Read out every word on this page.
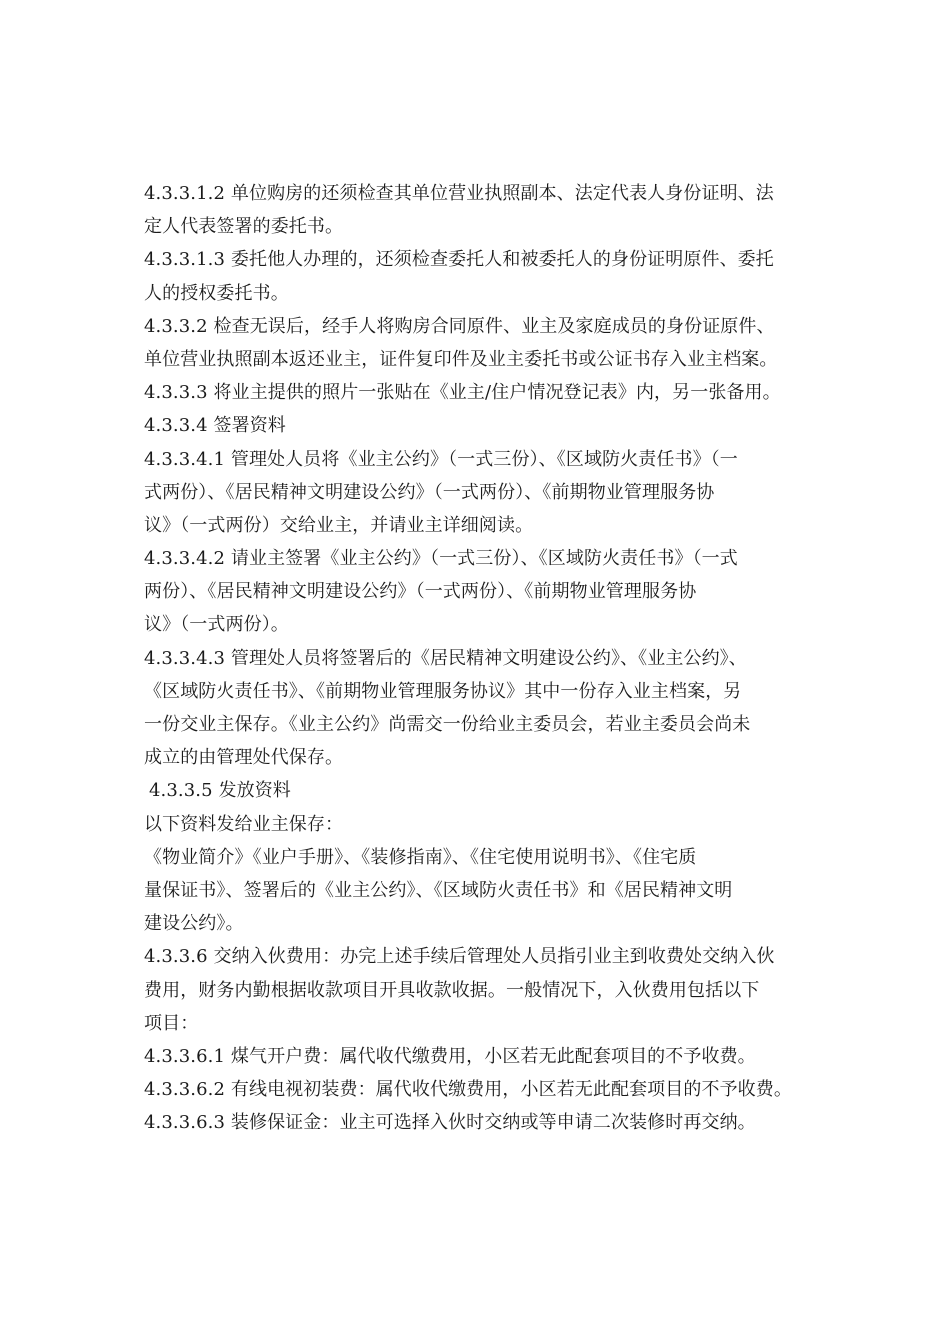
4.3.3.1.2 单位购房的还须检查其单位营业执照副本、法定代表人身份证明、法
定人代表签署的委托书。
4.3.3.1.3 委托他人办理的，还须检查委托人和被委托人的身份证明原件、委托
人的授权委托书。
4.3.3.2 检查无误后，经手人将购房合同原件、业主及家庭成员的身份证原件、
单位营业执照副本返还业主，证件复印件及业主委托书或公证书存入业主档案。
4.3.3.3 将业主提供的照片一张贴在《业主/住户情况登记表》内，另一张备用。
4.3.3.4 签署资料
4.3.3.4.1 管理处人员将《业主公约》（一式三份）、《区域防火责任书》（一
式两份）、《居民精神文明建设公约》（一式两份）、《前期物业管理服务协
议》（一式两份）交给业主，并请业主详细阅读。
4.3.3.4.2 请业主签署《业主公约》（一式三份）、《区域防火责任书》（一式
两份）、《居民精神文明建设公约》（一式两份）、《前期物业管理服务协
议》（一式两份）。
4.3.3.4.3 管理处人员将签署后的《居民精神文明建设公约》、《业主公约》、
《区域防火责任书》、《前期物业管理服务协议》其中一份存入业主档案，另
一份交业主保存。《业主公约》尚需交一份给业主委员会，若业主委员会尚未
成立的由管理处代保存。
4.3.3.5 发放资料
以下资料发给业主保存：
《物业简介》《业户手册》、《装修指南》、《住宅使用说明书》、《住宅质
量保证书》、签署后的《业主公约》、《区域防火责任书》和《居民精神文明
建设公约》。
4.3.3.6 交纳入伙费用：办完上述手续后管理处人员指引业主到收费处交纳入伙
费用，财务内勤根据收款项目开具收款收据。一般情况下，入伙费用包括以下
项目：
4.3.3.6.1 煤气开户费：属代收代缴费用，小区若无此配套项目的不予收费。
4.3.3.6.2 有线电视初装费：属代收代缴费用，小区若无此配套项目的不予收费。
4.3.3.6.3 装修保证金：业主可选择入伙时交纳或等申请二次装修时再交纳。
